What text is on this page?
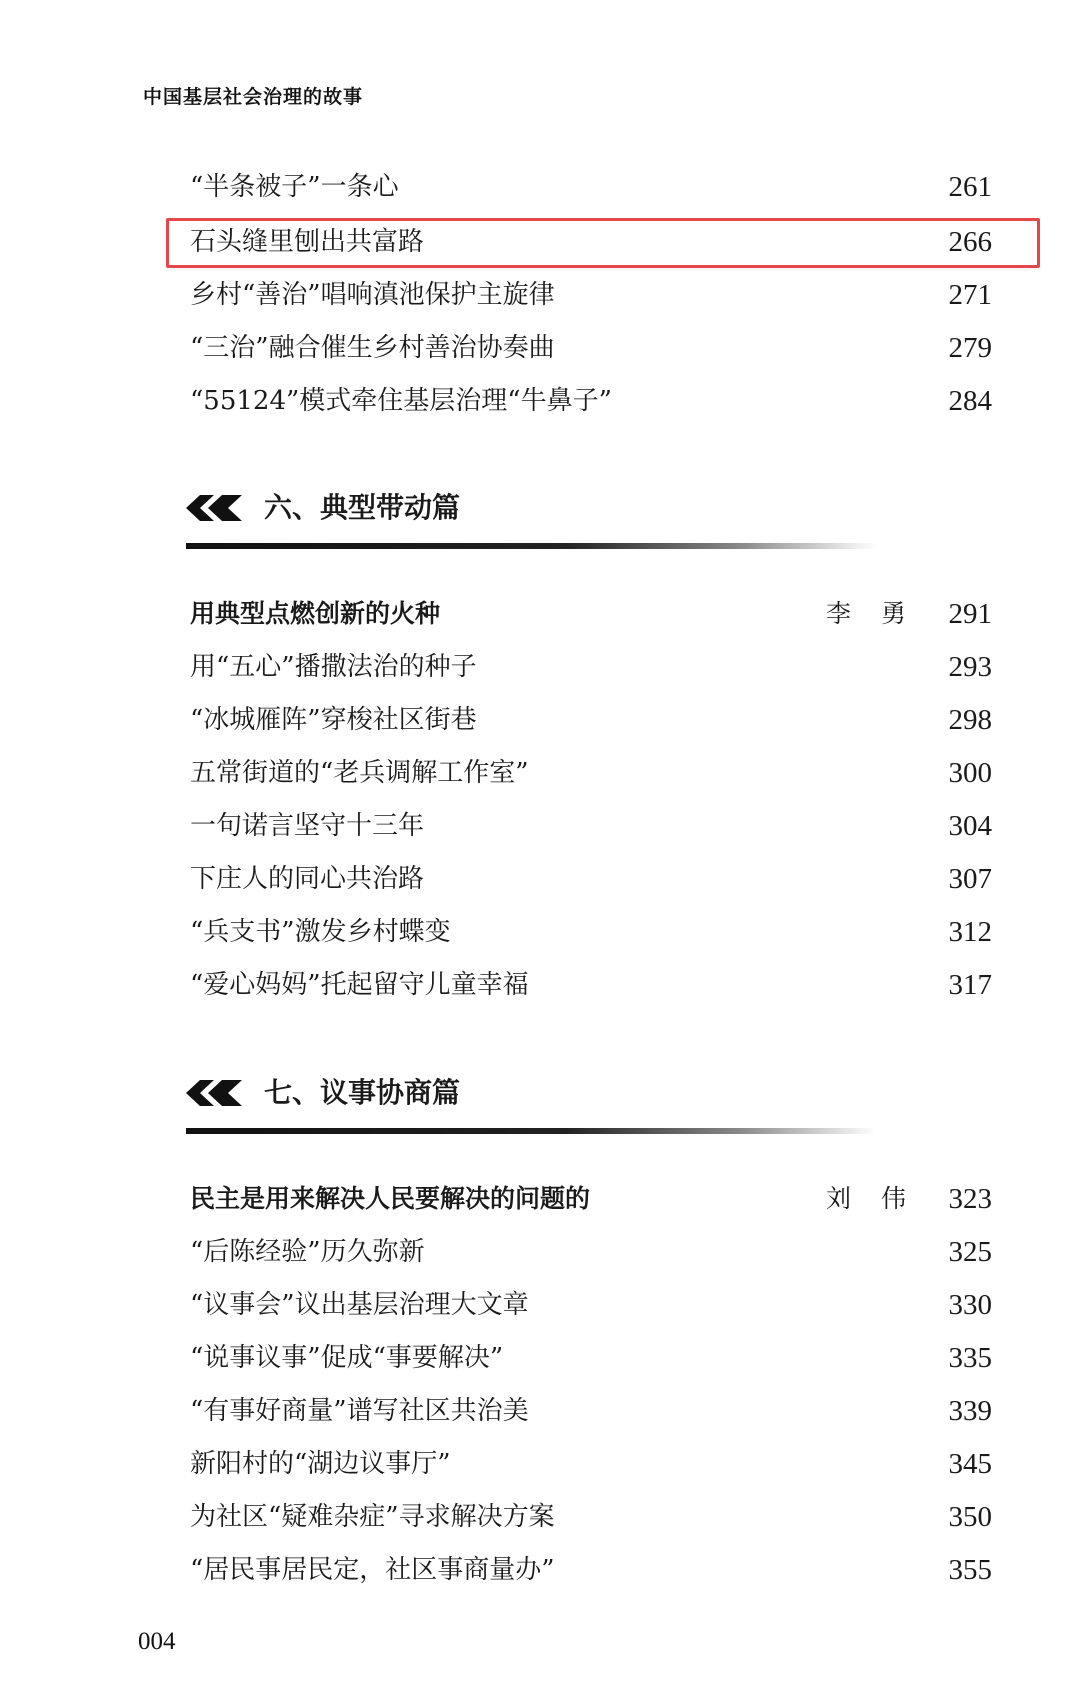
中国基层社会治理的故事
“半条被子”一条心	261
石头缝里刨出共富路	266
乡村“善治”唱响滇池保护主旋律	271
“三治”融合催生乡村善治协奏曲	279
“55124”模式牵住基层治理“牛鼻子”	284
六、典型带动篇
用典型点燃创新的火种	李勇 291
用“五心”播撒法治的种子	293
“冰城雁阵”穿梭社区街巷	298
五常街道的“老兵调解工作室”	300
一句诺言坚守十三年	304
下庄人的同心共治路	307
“兵支书”激发乡村蝶变	312
“爱心妈妈”托起留守儿童幸福	317
七、议事协商篇
民主是用来解决人民要解决的问题的	刘伟 323
“后陈经验”历久弥新	325
“议事会”议出基层治理大文章	330
“说事议事”促成“事要解决”	335
“有事好商量”谱写社区共治美	339
新阳村的“湖边议事厅”	345
为社区“疑难杂症”寻求解决方案	350
“居民事居民定，社区事商量办”	355
004
